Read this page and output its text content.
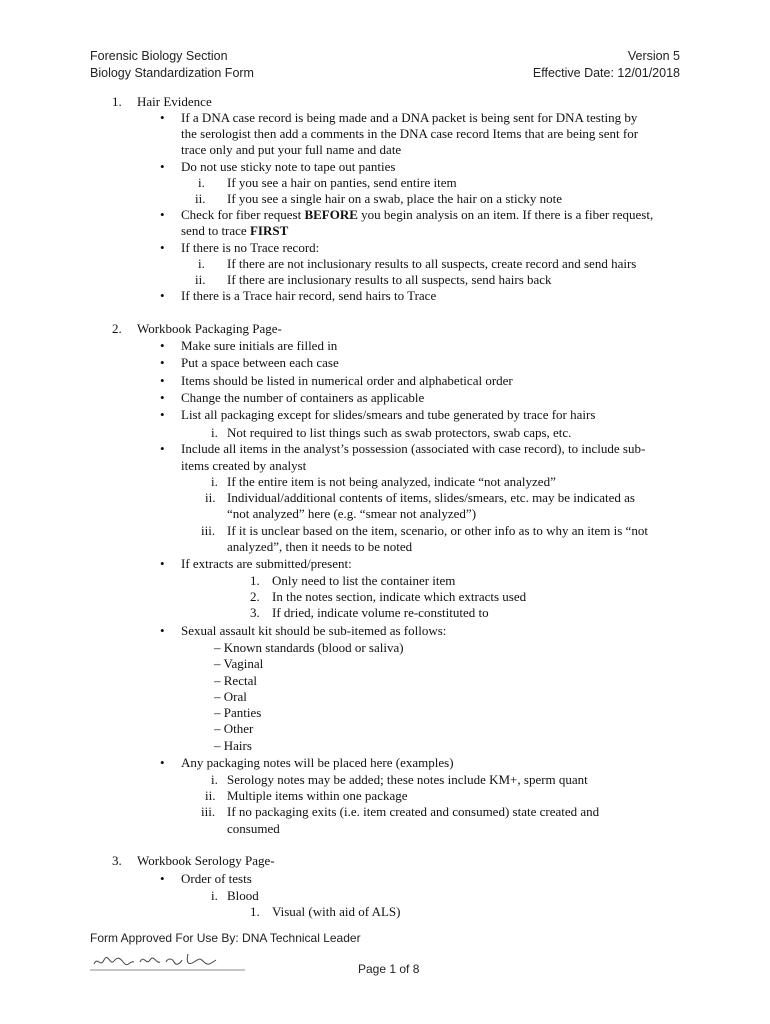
Forensic Biology Section
Biology Standardization Form
Version 5
Effective Date: 12/01/2018
1. Hair Evidence
• If a DNA case record is being made and a DNA packet is being sent for DNA testing by
the serologist then add a comments in the DNA case record Items that are being sent for
trace only and put your full name and date
• Do not use sticky note to tape out panties
i. If you see a hair on panties, send entire item
ii. If you see a single hair on a swab, place the hair on a sticky note
• Check for fiber request BEFORE you begin analysis on an item. If there is a fiber request,
send to trace FIRST
• If there is no Trace record:
i. If there are not inclusionary results to all suspects, create record and send hairs
ii. If there are inclusionary results to all suspects, send hairs back
• If there is a Trace hair record, send hairs to Trace
2. Workbook Packaging Page-
• Make sure initials are filled in
• Put a space between each case
• Items should be listed in numerical order and alphabetical order
• Change the number of containers as applicable
• List all packaging except for slides/smears and tube generated by trace for hairs
i. Not required to list things such as swab protectors, swab caps, etc.
• Include all items in the analyst’s possession (associated with case record), to include sub-
items created by analyst
i. If the entire item is not being analyzed, indicate “not analyzed”
ii. Individual/additional contents of items, slides/smears, etc. may be indicated as
“not analyzed” here (e.g. “smear not analyzed”)
iii. If it is unclear based on the item, scenario, or other info as to why an item is “not
analyzed”, then it needs to be noted
• If extracts are submitted/present:
1. Only need to list the container item
2. In the notes section, indicate which extracts used
3. If dried, indicate volume re-constituted to
• Sexual assault kit should be sub-itemed as follows:
– Known standards (blood or saliva)
– Vaginal
– Rectal
– Oral
– Panties
– Other
– Hairs
• Any packaging notes will be placed here (examples)
i. Serology notes may be added; these notes include KM+, sperm quant
ii. Multiple items within one package
iii. If no packaging exits (i.e. item created and consumed) state created and
consumed
3. Workbook Serology Page-
• Order of tests
i. Blood
1. Visual (with aid of ALS)
Form Approved For Use By: DNA Technical Leader
Page 1 of 8
